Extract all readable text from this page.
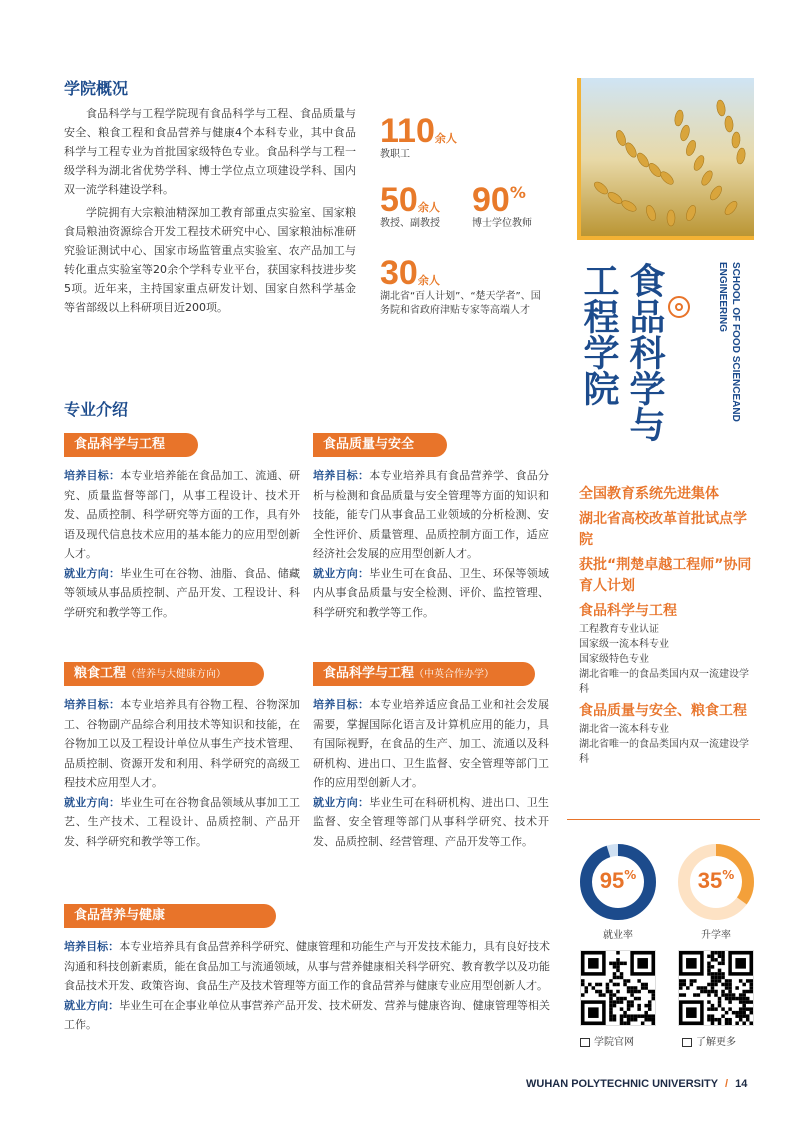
学院概况

食品科学与工程学院现有食品科学与工程、食品质量与安全、粮食工程和食品营养与健康4个本科专业，其中食品科学与工程专业为首批国家级特色专业。食品科学与工程一级学科为湖北省优势学科、博士学位点立项建设学科、国内双一流学科建设学科。

学院拥有大宗粮油精深加工教育部重点实验室、国家粮食局粮油资源综合开发工程技术研究中心、国家粮油标准研究验证测试中心、国家市场监管重点实验室、农产品加工与转化重点实验室等20余个学科专业平台，获国家科技进步奖5项。近年来，主持国家重点研发计划、国家自然科学基金等省部级以上科研项目近200项。

110余人
教职工
50余人
教授、副教授
90%
博士学位教师
30余人
湖北省“百人计划”、“楚天学者”、国务院和省政府津贴专家等高端人才	工程学院 食品科学与	SCHOOL OF FOOD SCIENCEAND ENGINEERING
专业介绍
食品科学与工程
培养目标：本专业培养能在食品加工、流通、研究、质量监督等部门，从事工程设计、技术开发、品质控制、科学研究等方面的工作，具有外语及现代信息技术应用的基本能力的应用型创新人才。
就业方向：毕业生可在谷物、油脂、食品、储藏等领域从事品质控制、产品开发、工程设计、科学研究和教学等工作。
食品质量与安全
培养目标：本专业培养具有食品营养学、食品分析与检测和食品质量与安全管理等方面的知识和技能，能专门从事食品工业领域的分析检测、安全性评价、质量管理、品质控制方面工作，适应经济社会发展的应用型创新人才。
就业方向：毕业生可在食品、卫生、环保等领域内从事食品质量与安全检测、评价、监控管理、科学研究和教学等工作。
粮食工程（营养与大健康方向）
培养目标：本专业培养具有谷物工程、谷物深加工、谷物副产品综合利用技术等知识和技能，在谷物加工以及工程设计单位从事生产技术管理、品质控制、资源开发和利用、科学研究的高级工程技术应用型人才。
就业方向：毕业生可在谷物食品领域从事加工工艺、生产技术、工程设计、品质控制、产品开发、科学研究和教学等工作。
食品科学与工程（中英合作办学）
培养目标：本专业培养适应食品工业和社会发展需要，掌握国际化语言及计算机应用的能力，具有国际视野，在食品的生产、加工、流通以及科研机构、进出口、卫生监督、安全管理等部门工作的应用型创新人才。
就业方向：毕业生可在科研机构、进出口、卫生监督、安全管理等部门从事科学研究、技术开发、品质控制、经营管理、产品开发等工作。
食品营养与健康
培养目标：本专业培养具有食品营养科学研究、健康管理和功能生产与开发技术能力，具有良好技术沟通和科技创新素质，能在食品加工与流通领域，从事与营养健康相关科学研究、教育教学以及功能食品技术开发、政策咨询、食品生产及技术管理等方面工作的食品营养与健康专业应用型创新人才。
就业方向：毕业生可在企事业单位从事营养产品开发、技术研发、营养与健康咨询、健康管理等相关工作。
全国教育系统先进集体
湖北省高校改革首批试点学院
获批“荆楚卓越工程师”协同育人计划
食品科学与工程
工程教育专业认证
国家级一流本科专业
国家级特色专业
湖北省唯一的食品类国内双一流建设学科
食品质量与安全、粮食工程
湖北省一流本科专业
湖北省唯一的食品类国内双一流建设学科
95%
就业率
35%
升学率
学院官网	了解更多
WUHAN POLYTECHNIC UNIVERSITY / 14
